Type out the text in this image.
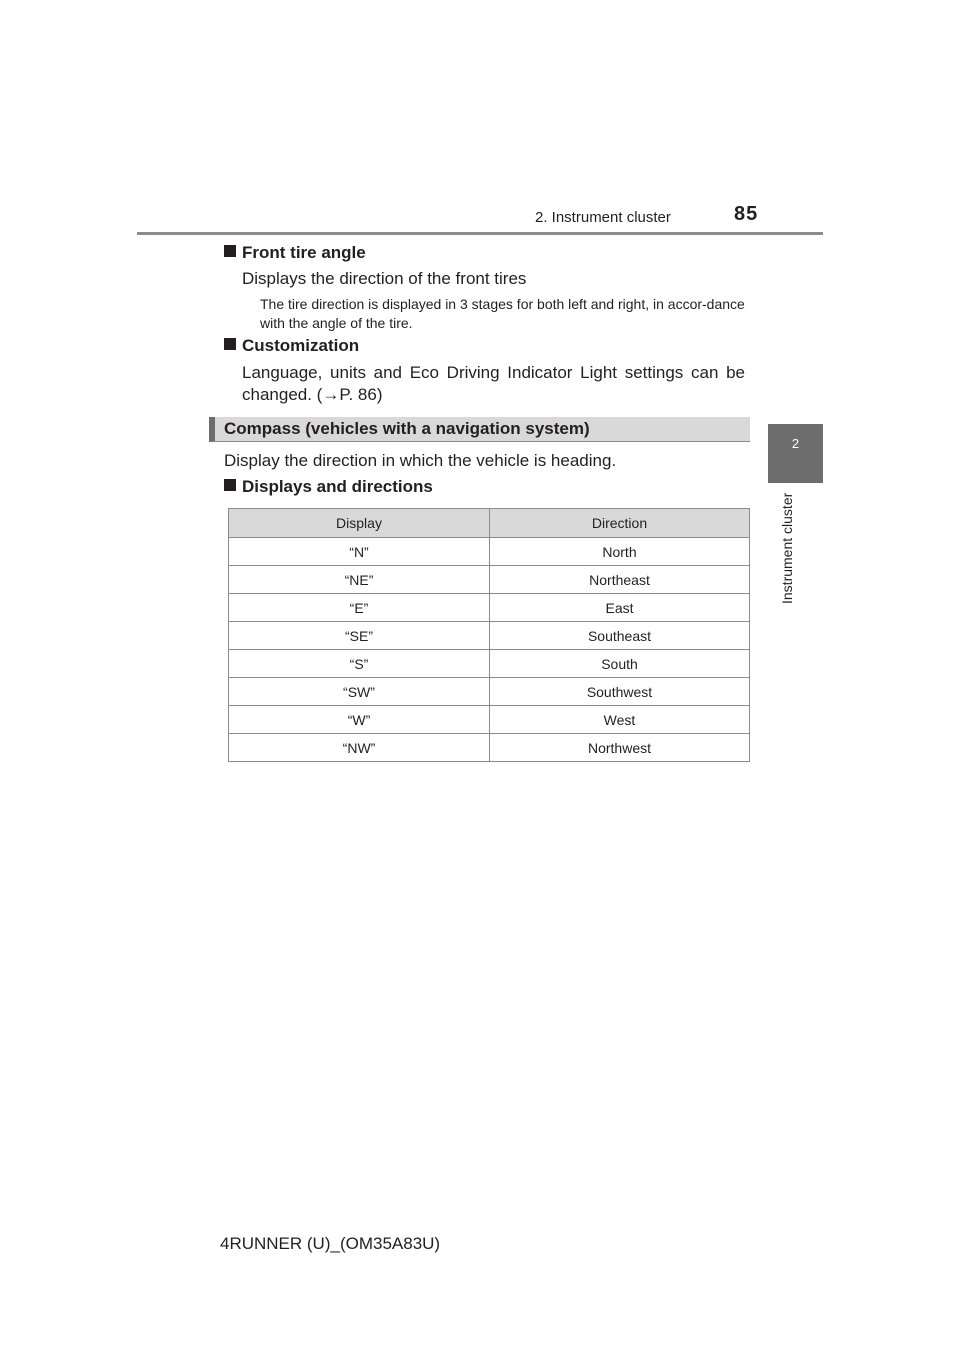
2. Instrument cluster	85
2
Instrument cluster
Front tire angle
Displays the direction of the front tires
The tire direction is displayed in 3 stages for both left and right, in accor-dance with the angle of the tire.
Customization
Language, units and Eco Driving Indicator Light settings can be changed. (→P. 86)
Compass (vehicles with a navigation system)
Display the direction in which the vehicle is heading.
Displays and directions
Display	Direction
“N”	North
“NE”	Northeast
“E”	East
“SE”	Southeast
“S”	South
“SW”	Southwest
“W”	West
“NW”	Northwest
4RUNNER (U)_(OM35A83U)
